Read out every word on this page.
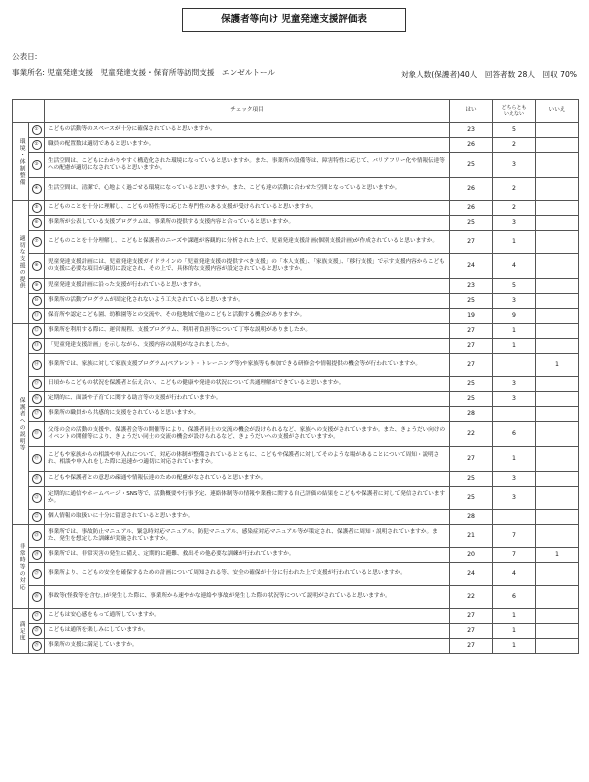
保護者等向け 児童発達支援評価表
公表日:
事業所名: 児童発達支援　児童発達支援・保育所等訪問支援　エンゼルトール	対象人数(保護者)40人　回答者数 28人　回収 70%
		チェック項目	はい	どちらとも
いえない	いいえ
環境・体制整備	①	こどもの活動等のスペースが十分に確保されていると思いますか。	23	5	
	②	職員の配置数は適切であると思いますか。	26	2	
	③	生活空間は、こどもにわかりやすく構造化された環境になっていると思いますか。また、事業所の設備等は、障害特性に応じて、バリアフリー化や情報伝達等への配慮が適切になされていると思いますか。	25	3	
	④	生活空間は、清潔で、心地よく過ごせる環境になっていると思いますか。また、こども達の活動に合わせた空間となっていると思いますか。	26	2	
適切な支援の提供	⑤	こどものことを十分に理解し、こどもの特性等に応じた専門性のある支援が受けられていると思いますか。	26	2	
	⑥	事業所が公表している支援プログラムは、事業所の提供する支援内容と合っていると思いますか。	25	3	
	⑦	こどものことを十分理解し、こどもと保護者のニーズや課題が客観的に分析された上で、児童発達支援計画(個別支援計画)が作成されていると思いますか。	27	1	
	⑧	児童発達支援計画には、児童発達支援ガイドラインの「児童発達支援の提供すべき支援」の「本人支援」、「家族支援」、「移行支援」で示す支援内容からこどもの支援に必要な項目が適切に設定され、その上で、具体的な支援内容が設定されていると思いますか。	24	4	
	⑨	児童発達支援計画に沿った支援が行われていると思いますか。	23	5	
	⑩	事業所の活動プログラムが固定化されないよう工夫されていると思いますか。	25	3	
	⑪	保育所や認定こども園、幼稚園等との交流や、その他地域で他のこどもと活動する機会がありますか。	19	9	
保護者への説明等	⑫	事業所を利用する際に、運営規程、支援プログラム、利用者負担等について丁寧な説明がありましたか。	27	1	
	⑬	「児童発達支援計画」を示しながら、支援内容の説明がなされましたか。	27	1	
	⑭	事業所では、家族に対して家族支援プログラム(ペアレント・トレーニング等)や家族等も参加できる研修会や情報提供の機会等が行われていますか。	27		1
	⑮	日頃からこどもの状況を保護者と伝え合い、こどもの健康や発達の状況について共通理解ができていると思いますか。	25	3	
	⑯	定期的に、面談や子育てに関する助言等の支援が行われていますか。	25	3	
	⑰	事業所の職員から共感的に支援をされていると思いますか。	28		
	⑱	父母の会の活動の支援や、保護者会等の開催等により、保護者同士の交流の機会が設けられるなど、家族への支援がされていますか。また、きょうだい向けのイベントの開催等により、きょうだい同士の交流の機会が設けられるなど、きょうだいへの支援がされていますか。	22	6	
	⑲	こどもや家族からの相談や申入れについて、対応の体制が整備されているとともに、こどもや保護者に対してそのような場があることについて周知・説明され、相談や申入れをした際に迅速かつ適切に対応されていますか。	27	1	
	⑳	こどもや保護者との意思の疎通や情報伝達のための配慮がなされていると思いますか。	25	3	
	㉑	定期的に通信やホームページ・SNS等で、活動概要や行事予定、連絡体制等の情報や業務に関する自己評価の結果をこどもや保護者に対して発信されていますか。	25	3	
	㉒	個人情報の取扱いに十分に留意されていると思いますか。	28		
非常時等の対応	㉓	事業所では、事故防止マニュアル、緊急時対応マニュアル、防犯マニュアル、感染症対応マニュアル等が策定され、保護者に周知・説明されていますか。また、発生を想定した訓練が実施されていますか。	21	7	
	㉔	事業所では、非常災害の発生に備え、定期的に避難、救出その他必要な訓練が行われていますか。	20	7	1
	㉕	事業所より、こどもの安全を確保するための計画について周知される等、安全の確保が十分に行われた上で支援が行われていると思いますか。	24	4	
	㉖	事故等(怪我等を含む。)が発生した際に、事業所から速やかな連絡や事故が発生した際の状況等について説明がされていると思いますか。	22	6	
満足度	㉗	こどもは安心感をもって通所していますか。	27	1	
	㉘	こどもは通所を楽しみにしていますか。	27	1	
	㉙	事業所の支援に満足していますか。	27	1	
